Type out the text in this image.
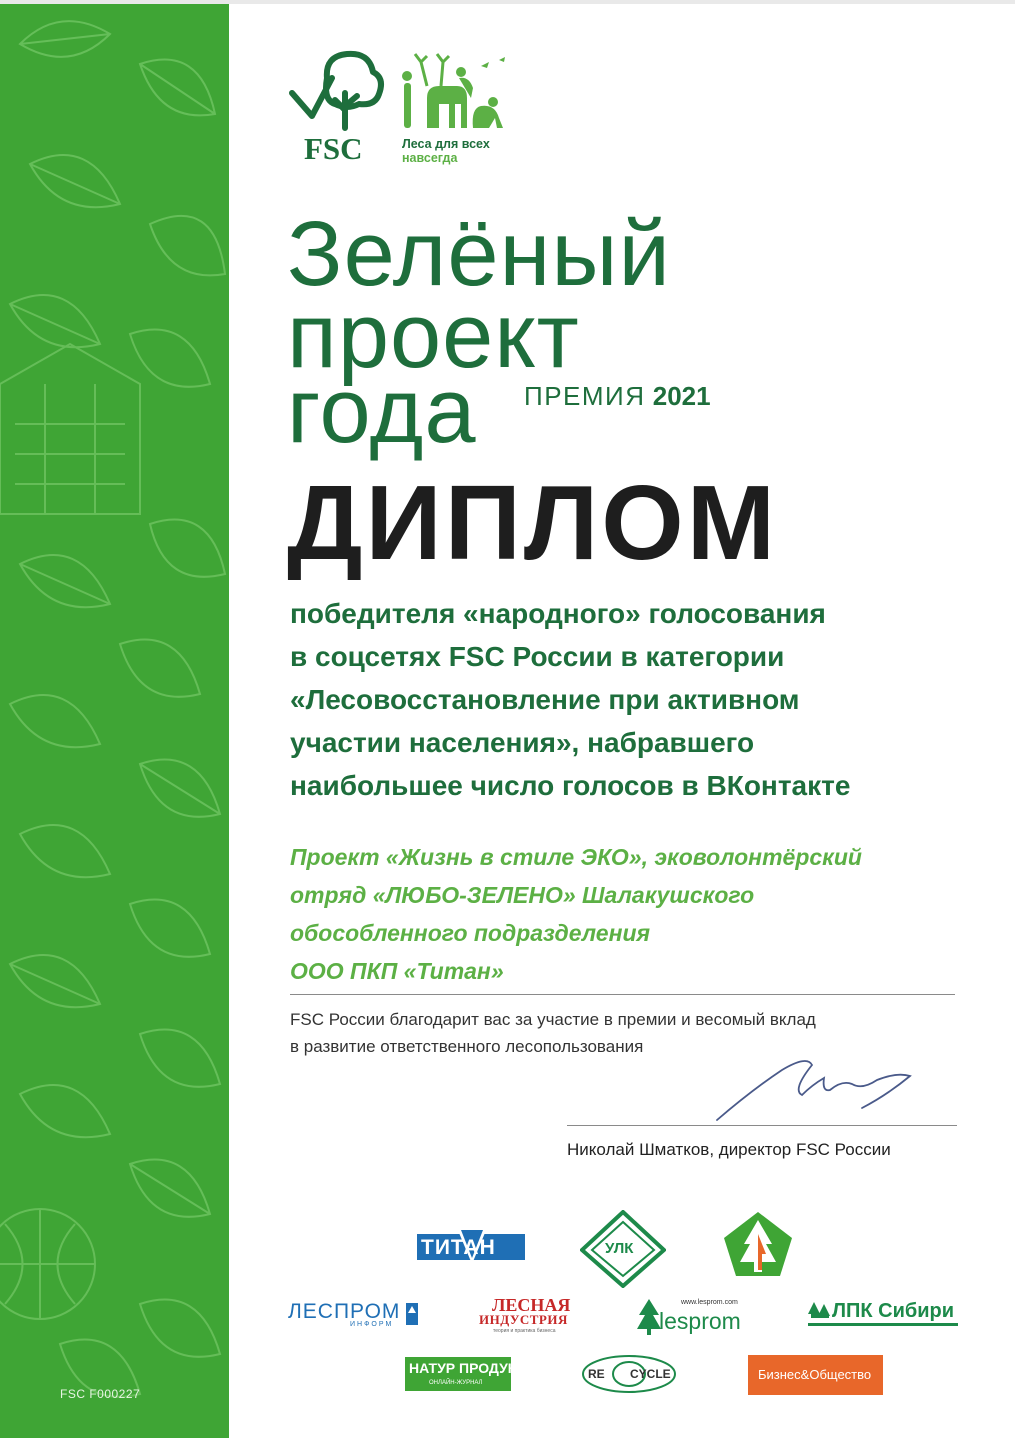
FSC F000227
FSC	Леса для всех
навсегда
Зелёный
проект
года ПРЕМИЯ 2021
ДИПЛОМ
победителя «народного» голосования
в соцсетях FSC России в категории
«Лесовосстановление при активном
участии населения», набравшего
наибольшее число голосов в ВКонтакте
Проект «Жизнь в стиле ЭКО», эковолонтёрский
отряд «ЛЮБО-ЗЕЛЕНО» Шалакушского
обособленного подразделения
ООО ПКП «Титан»
FSC России благодарит вас за участие в премии и весомый вклад
в развитие ответственного лесопользования
Николай Шматков, директор FSC России
ТИТАН	УЛК
ЛЕСПРОМ
ИНФОРМ
ЛЕСНАЯ
ИНДУСТРИЯ
теория и практика бизнеса
www.lesprom.com
lesprom	ЛПК Сибири
НАТУР ПРОДУКТ
ОНЛАЙН-ЖУРНАЛ
RE CYCLE	Бизнес&Общество
